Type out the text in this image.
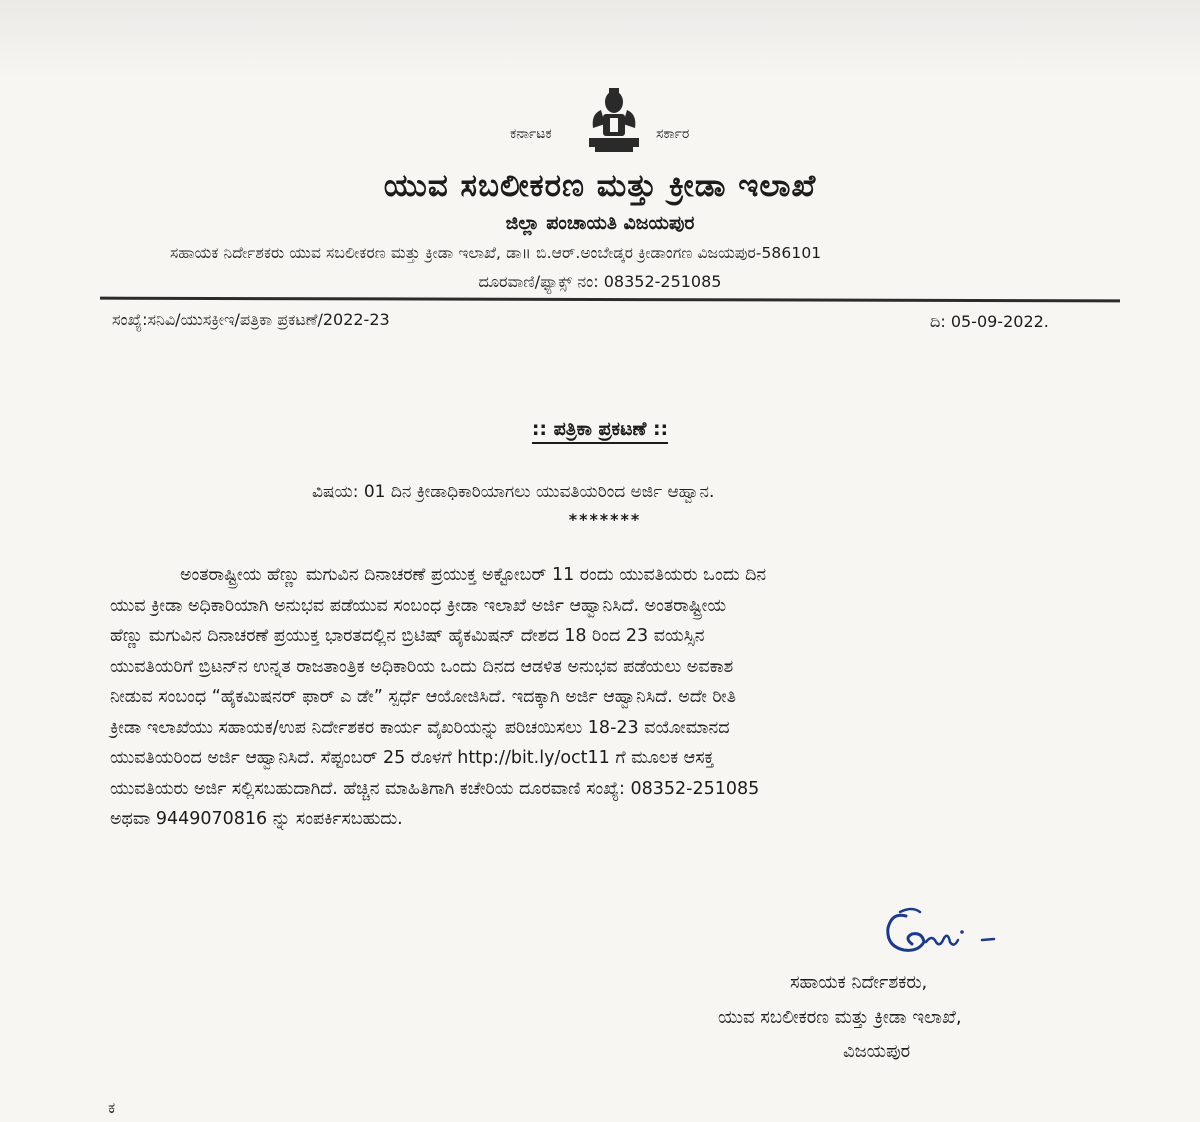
ಕರ್ನಾಟಕ	ಸರ್ಕಾರ
ಯುವ ಸಬಲೀಕರಣ ಮತ್ತು ಕ್ರೀಡಾ ಇಲಾಖೆ
ಜಿಲ್ಲಾ ಪಂಚಾಯತಿ ವಿಜಯಪುರ
ಸಹಾಯಕ ನಿರ್ದೇಶಕರು ಯುವ ಸಬಲೀಕರಣ ಮತ್ತು ಕ್ರೀಡಾ ಇಲಾಖೆ, ಡಾ॥ ಬಿ.ಆರ್.ಅಂಬೇಡ್ಕರ ಕ್ರೀಡಾಂಗಣ ವಿಜಯಪುರ-586101
ದೂರವಾಣಿ/ಫ್ಯಾಕ್ಸ್ ನಂ: 08352-251085
ಸಂಖ್ಯೆ:ಸನಿವಿ/ಯುಸಕ್ರೀಇ/ಪತ್ರಿಕಾ ಪ್ರಕಟಣೆ/2022-23	ದಿ: 05-09-2022.
:: ಪತ್ರಿಕಾ ಪ್ರಕಟಣೆ ::
ವಿಷಯ: 01 ದಿನ ಕ್ರೀಡಾಧಿಕಾರಿಯಾಗಲು ಯುವತಿಯರಿಂದ ಅರ್ಜಿ ಆಹ್ವಾನ.
*******

ಅಂತರಾಷ್ಟ್ರೀಯ ಹೆಣ್ಣು ಮಗುವಿನ ದಿನಾಚರಣೆ ಪ್ರಯುಕ್ತ ಅಕ್ಟೋಬರ್ 11 ರಂದು ಯುವತಿಯರು ಒಂದು ದಿನ

ಯುವ ಕ್ರೀಡಾ ಅಧಿಕಾರಿಯಾಗಿ ಅನುಭವ ಪಡೆಯುವ ಸಂಬಂಧ ಕ್ರೀಡಾ ಇಲಾಖೆ ಅರ್ಜಿ ಆಹ್ವಾನಿಸಿದೆ. ಅಂತರಾಷ್ಟ್ರೀಯ

ಹೆಣ್ಣು ಮಗುವಿನ ದಿನಾಚರಣೆ ಪ್ರಯುಕ್ತ ಭಾರತದಲ್ಲಿನ ಬ್ರಿಟಿಷ್ ಹೈಕಮಿಷನ್ ದೇಶದ 18 ರಿಂದ 23 ವಯಸ್ಸಿನ

ಯುವತಿಯರಿಗೆ ಬ್ರಿಟನ್‌ನ ಉನ್ನತ ರಾಜತಾಂತ್ರಿಕ ಅಧಿಕಾರಿಯ ಒಂದು ದಿನದ ಆಡಳಿತ ಅನುಭವ ಪಡೆಯಲು ಅವಕಾಶ

ನೀಡುವ ಸಂಬಂಧ “ಹೈಕಮಿಷನರ್ ಫಾರ್ ಎ ಡೇ” ಸ್ಪರ್ಧೆ ಆಯೋಜಿಸಿದೆ. ಇದಕ್ಕಾಗಿ ಅರ್ಜಿ ಆಹ್ವಾನಿಸಿದೆ. ಅದೇ ರೀತಿ

ಕ್ರೀಡಾ ಇಲಾಖೆಯು ಸಹಾಯಕ/ಉಪ ನಿರ್ದೇಶಕರ ಕಾರ್ಯ ವೈಖರಿಯನ್ನು ಪರಿಚಯಿಸಲು 18-23 ವಯೋಮಾನದ

ಯುವತಿಯರಿಂದ ಅರ್ಜಿ ಆಹ್ವಾನಿಸಿದೆ. ಸೆಪ್ಟಂಬರ್ 25 ರೊಳಗೆ http://bit.ly/oct11 ಗೆ ಮೂಲಕ ಆಸಕ್ತ

ಯುವತಿಯರು ಅರ್ಜಿ ಸಲ್ಲಿಸಬಹುದಾಗಿದೆ. ಹೆಚ್ಚಿನ ಮಾಹಿತಿಗಾಗಿ ಕಚೇರಿಯ ದೂರವಾಣಿ ಸಂಖ್ಯೆ: 08352-251085

ಅಥವಾ 9449070816 ನ್ನು ಸಂಪರ್ಕಿಸಬಹುದು.

ಸಹಾಯಕ ನಿರ್ದೇಶಕರು,
ಯುವ ಸಬಲೀಕರಣ ಮತ್ತು ಕ್ರೀಡಾ ಇಲಾಖೆ,
ವಿಜಯಪುರ
ಕ
